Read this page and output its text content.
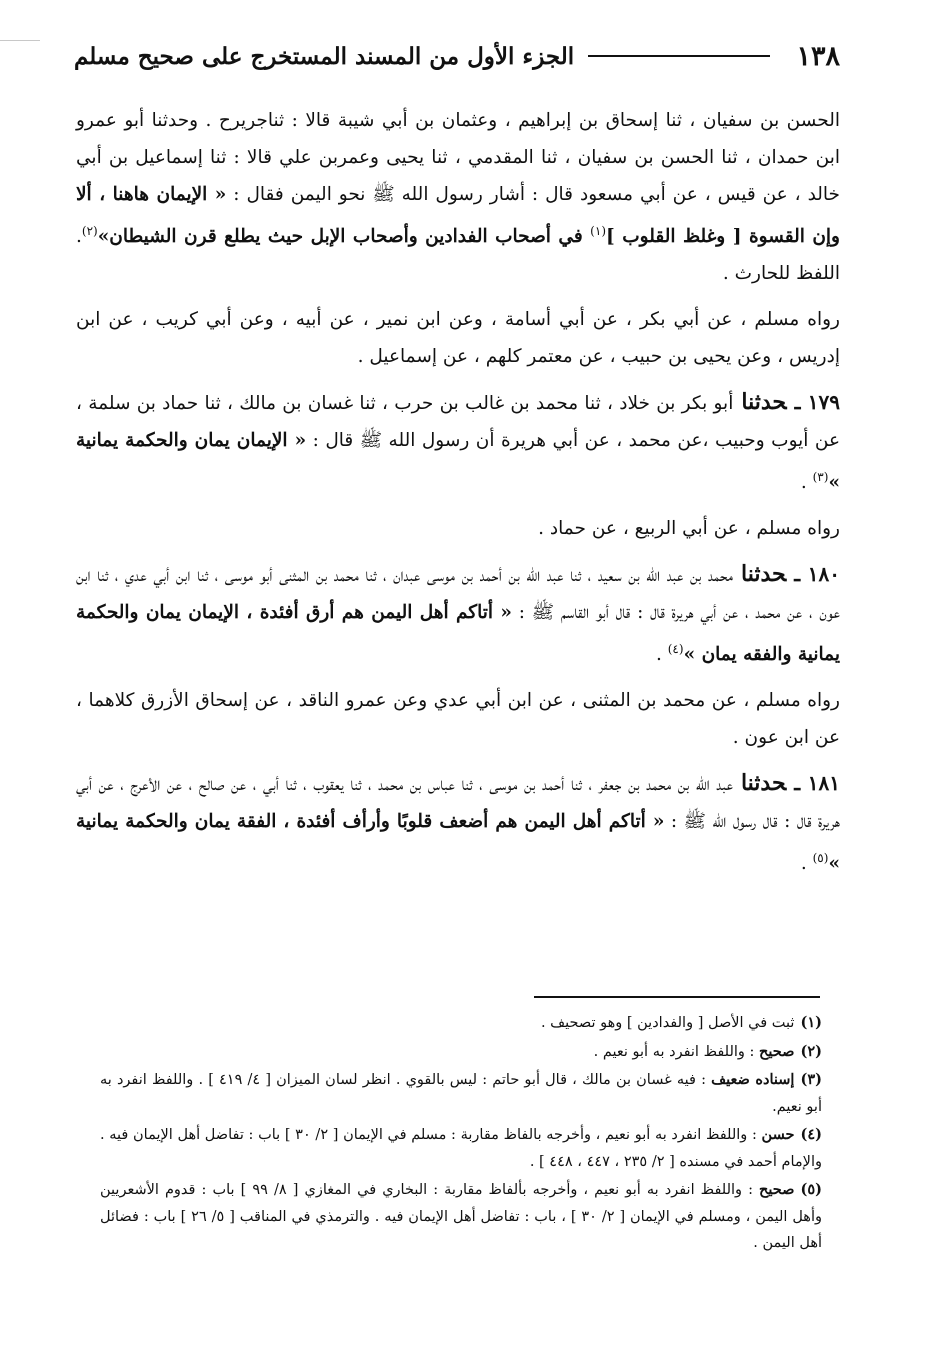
١٣٨
الجزء الأول من المسند المستخرج على صحيح مسلم

الحسن بن سفيان ، ثنا إسحاق بن إبراهيم ، وعثمان بن أبي شيبة قالا : ثناجريرح . وحدثنا أبو عمرو ابن حمدان ، ثنا الحسن بن سفيان ، ثنا المقدمي ، ثنا يحيى وعمربن علي قالا : ثنا إسماعيل بن أبي خالد ، عن قيس ، عن أبي مسعود قال : أشار رسول الله ﷺ نحو اليمن فقال : « الإيمان هاهنا ، ألا وإن القسوة [ وغلظ القلوب ]$^{(١)}$ في أصحاب الفدادين وأصحاب الإبل حيث يطلع قرن الشيطان»$^{(٢)}$. اللفظ للحارث .

رواه مسلم ، عن أبي بكر ، عن أبي أسامة ، وعن ابن نمير ، عن أبيه ، وعن أبي كريب ، عن ابن إدريس ، وعن يحيى بن حبيب ، عن معتمر كلهم ، عن إسماعيل .

١٧٩ ـحدثناأبو بكر بن خلاد ، ثنا محمد بن غالب بن حرب ، ثنا غسان بن مالك ، ثنا حماد بن سلمة ، عن أيوب وحبيب ،عن محمد ، عن أبي هريرة أن رسول الله ﷺ قال : « الإيمان يمان والحكمة يمانية »$^{(٣)}$ .

رواه مسلم ، عن أبي الربيع ، عن حماد .

١٨٠ ـحدثنامحمد بن عبد الله بن سعيد ، ثنا عبد الله بن أحمد بن موسى عبدان ، ثنا محمد بن المثنى أبو موسى ، ثنا ابن أبي عدي ، ثنا ابن عون ، عن محمد ، عن أبي هريرة قال : قال أبو القاسم ﷺ : « أتاكم أهل اليمن هم أرق أفئدة ، الإيمان يمان والحكمة يمانية والفقه يمان »$^{(٤)}$ .

رواه مسلم ، عن محمد بن المثنى ، عن ابن أبي عدي وعن عمرو الناقد ، عن إسحاق الأزرق كلاهما ، عن ابن عون .

١٨١ ـحدثناعبد الله بن محمد بن جعفر ، ثنا أحمد بن موسى ، ثنا عباس بن محمد ، ثنا يعقوب ، ثنا أبي ، عن صالح ، عن الأعرج ، عن أبي هريرة قال : قال رسول الله ﷺ : « أتاكم أهل اليمن هم أضعف قلوبًا وأرأف أفئدة ، الفقة يمان والحكمة يمانية »$^{(٥)}$ .

(١)ثبت في الأصل [ والفدادين ] وهو تصحيف .

(٢)صحيح : واللفظ انفرد به أبو نعيم .

(٣)إسناده ضعيف : فيه غسان بن مالك ، قال أبو حاتم : ليس بالقوي . انظر لسان الميزان [ ٤/ ٤١٩ ] . واللفظ انفرد به أبو نعيم.

(٤)حسن : واللفظ انفرد به أبو نعيم ، وأخرجه بالفاظ مقاربة : مسلم في الإيمان [ ٢/ ٣٠ ] باب : تفاضل أهل الإيمان فيه . والإمام أحمد في مسنده [ ٢/ ٢٣٥ ، ٤٤٧ ، ٤٤٨ ] .

(٥)صحيح : واللفظ انفرد به أبو نعيم ، وأخرجه بألفاظ مقاربة : البخاري في المغازي [ ٨/ ٩٩ ] باب : قدوم الأشعريين وأهل اليمن ، ومسلم في الإيمان [ ٢/ ٣٠ ] ، باب : تفاضل أهل الإيمان فيه . والترمذي في المناقب [ ٥/ ٢٦ ] باب : فضائل أهل اليمن .
